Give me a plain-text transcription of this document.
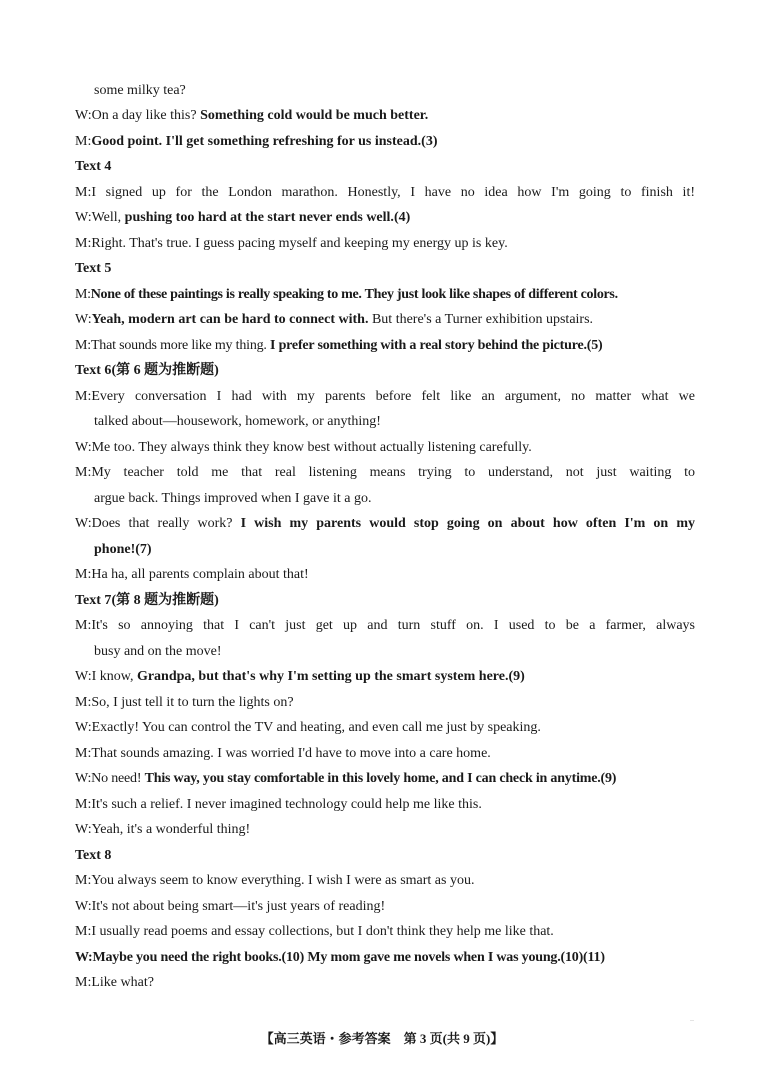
some milky tea?
W:On a day like this? Something cold would be much better.
M:Good point. I'll get something refreshing for us instead.(3)
Text 4
M:I signed up for the London marathon. Honestly, I have no idea how I'm going to finish it!
W:Well, pushing too hard at the start never ends well.(4)
M:Right. That's true. I guess pacing myself and keeping my energy up is key.
Text 5
M:None of these paintings is really speaking to me. They just look like shapes of different colors.
W:Yeah, modern art can be hard to connect with. But there's a Turner exhibition upstairs.
M:That sounds more like my thing. I prefer something with a real story behind the picture.(5)
Text 6(第 6 题为推断题)
M:Every conversation I had with my parents before felt like an argument, no matter what we
talked about—housework, homework, or anything!
W:Me too. They always think they know best without actually listening carefully.
M:My teacher told me that real listening means trying to understand, not just waiting to
argue back. Things improved when I gave it a go.
W:Does that really work? I wish my parents would stop going on about how often I'm on my
phone!(7)
M:Ha ha, all parents complain about that!
Text 7(第 8 题为推断题)
M:It's so annoying that I can't just get up and turn stuff on. I used to be a farmer, always
busy and on the move!
W:I know, Grandpa, but that's why I'm setting up the smart system here.(9)
M:So, I just tell it to turn the lights on?
W:Exactly! You can control the TV and heating, and even call me just by speaking.
M:That sounds amazing. I was worried I'd have to move into a care home.
W:No need! This way, you stay comfortable in this lovely home, and I can check in anytime.(9)
M:It's such a relief. I never imagined technology could help me like this.
W:Yeah, it's a wonderful thing!
Text 8
M:You always seem to know everything. I wish I were as smart as you.
W:It's not about being smart—it's just years of reading!
M:I usually read poems and essay collections, but I don't think they help me like that.
W:Maybe you need the right books.(10) My mom gave me novels when I was young.(10)(11)
M:Like what?
..
【高三英语・参考答案　第 3 页(共 9 页)】
